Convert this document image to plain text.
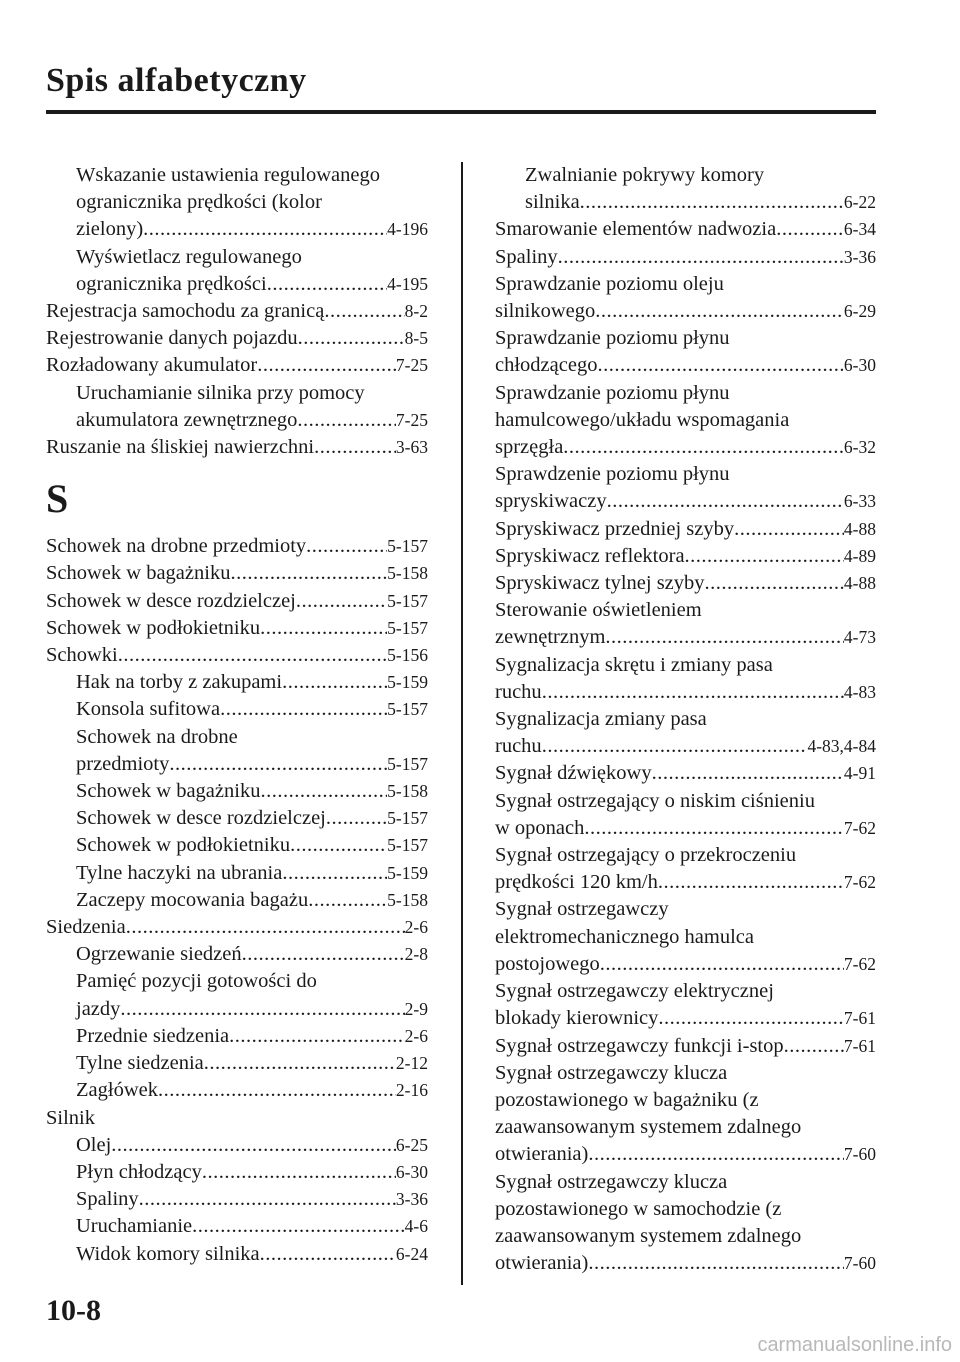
Spis alfabetyczny
Wskazanie ustawienia regulowanego
ogranicznika prędkości (kolor
zielony) .....	4-196
Wyświetlacz regulowanego
ogranicznika prędkości .....	4-195
Rejestracja samochodu za granicą .....	8-2
Rejestrowanie danych pojazdu .....	8-5
Rozładowany akumulator .....	7-25
Uruchamianie silnika przy pomocy
akumulatora zewnętrznego .....	7-25
Ruszanie na śliskiej nawierzchni .....	3-63
S
Schowek na drobne przedmioty .....	5-157
Schowek w bagażniku .....	5-158
Schowek w desce rozdzielczej .....	5-157
Schowek w podłokietniku .....	5-157
Schowki .....	5-156
Hak na torby z zakupami .....	5-159
Konsola sufitowa .....	5-157
Schowek na drobne
przedmioty .....	5-157
Schowek w bagażniku .....	5-158
Schowek w desce rozdzielczej .....	5-157
Schowek w podłokietniku .....	5-157
Tylne haczyki na ubrania .....	5-159
Zaczepy mocowania bagażu .....	5-158
Siedzenia .....	2-6
Ogrzewanie siedzeń .....	2-8
Pamięć pozycji gotowości do
jazdy .....	2-9
Przednie siedzenia .....	2-6
Tylne siedzenia .....	2-12
Zagłówek .....	2-16
Silnik
Olej .....	6-25
Płyn chłodzący .....	6-30
Spaliny .....	3-36
Uruchamianie .....	4-6
Widok komory silnika .....	6-24
Zwalnianie pokrywy komory
silnika .....	6-22
Smarowanie elementów nadwozia .....	6-34
Spaliny .....	3-36
Sprawdzanie poziomu oleju
silnikowego .....	6-29
Sprawdzanie poziomu płynu
chłodzącego .....	6-30
Sprawdzanie poziomu płynu
hamulcowego/układu wspomagania
sprzęgła .....	6-32
Sprawdzenie poziomu płynu
spryskiwaczy .....	6-33
Spryskiwacz przedniej szyby .....	4-88
Spryskiwacz reflektora .....	4-89
Spryskiwacz tylnej szyby .....	4-88
Sterowanie oświetleniem
zewnętrznym .....	4-73
Sygnalizacja skrętu i zmiany pasa
ruchu .....	4-83
Sygnalizacja zmiany pasa
ruchu .....	4-83,4-84
Sygnał dźwiękowy .....	4-91
Sygnał ostrzegający o niskim ciśnieniu
w oponach .....	7-62
Sygnał ostrzegający o przekroczeniu
prędkości 120 km/h .....	7-62
Sygnał ostrzegawczy
elektromechanicznego hamulca
postojowego .....	7-62
Sygnał ostrzegawczy elektrycznej
blokady kierownicy .....	7-61
Sygnał ostrzegawczy funkcji i-stop .....	7-61
Sygnał ostrzegawczy klucza
pozostawionego w bagażniku (z
zaawansowanym systemem zdalnego
otwierania) .....	7-60
Sygnał ostrzegawczy klucza
pozostawionego w samochodzie (z
zaawansowanym systemem zdalnego
otwierania) .....	7-60
10-8
carmanualsonline.info
